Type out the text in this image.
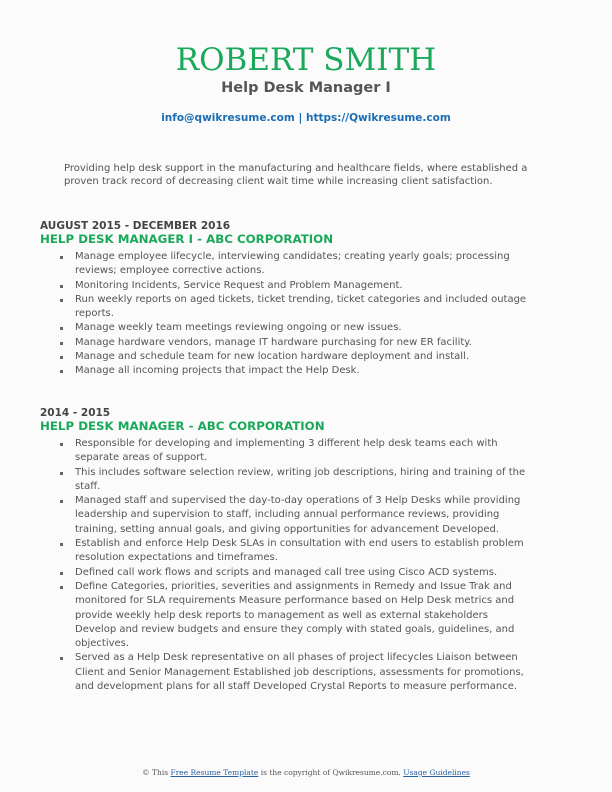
ROBERT SMITH
Help Desk Manager I
info@qwikresume.com | https://Qwikresume.com

Providing help desk support in the manufacturing and healthcare fields, where established a proven track record of decreasing client wait time while increasing client satisfaction.

AUGUST 2015 - DECEMBER 2016
HELP DESK MANAGER I - ABC CORPORATION
Manage employee lifecycle, interviewing candidates; creating yearly goals; processing reviews; employee corrective actions.
Monitoring Incidents, Service Request and Problem Management.
Run weekly reports on aged tickets, ticket trending, ticket categories and included outage reports.
Manage weekly team meetings reviewing ongoing or new issues.
Manage hardware vendors, manage IT hardware purchasing for new ER facility.
Manage and schedule team for new location hardware deployment and install.
Manage all incoming projects that impact the Help Desk.
2014 - 2015
HELP DESK MANAGER - ABC CORPORATION
Responsible for developing and implementing 3 different help desk teams each with separate areas of support.
This includes software selection review, writing job descriptions, hiring and training of the staff.
Managed staff and supervised the day-to-day operations of 3 Help Desks while providing leadership and supervision to staff, including annual performance reviews, providing training, setting annual goals, and giving opportunities for advancement Developed.
Establish and enforce Help Desk SLAs in consultation with end users to establish problem resolution expectations and timeframes.
Defined call work flows and scripts and managed call tree using Cisco ACD systems.
Define Categories, priorities, severities and assignments in Remedy and Issue Trak and monitored for SLA requirements Measure performance based on Help Desk metrics and provide weekly help desk reports to management as well as external stakeholders Develop and review budgets and ensure they comply with stated goals, guidelines, and objectives.
Served as a Help Desk representative on all phases of project lifecycles Liaison between Client and Senior Management Established job descriptions, assessments for promotions, and development plans for all staff Developed Crystal Reports to measure performance.
© This Free Resume Template is the copyright of Qwikresume.com. Usage Guidelines
